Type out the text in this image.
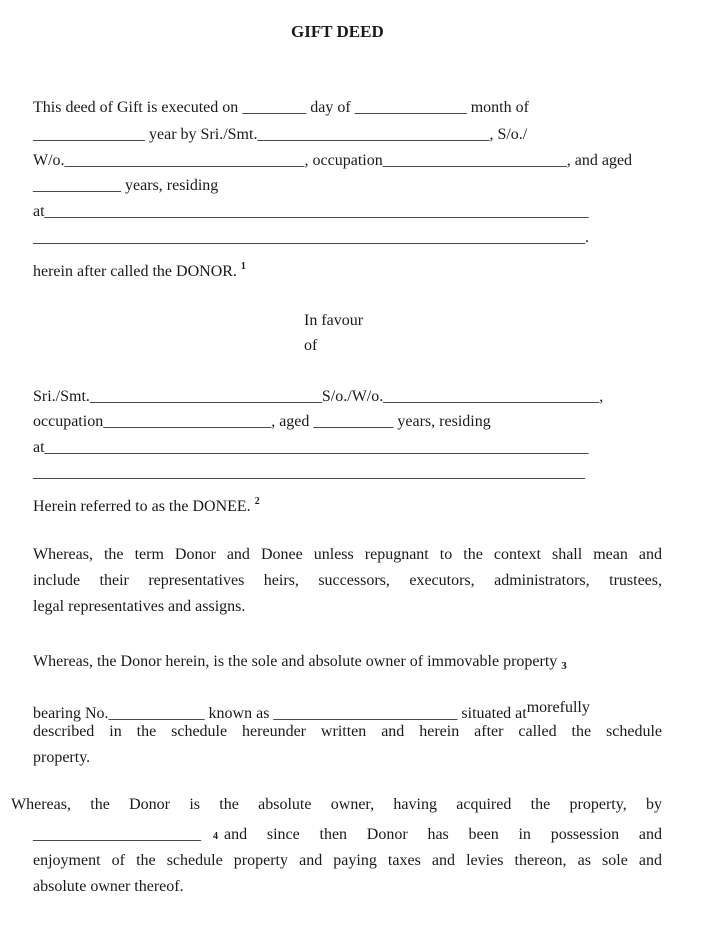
GIFT DEED
This deed of Gift is executed on ________ day of ______________ month of
______________ year by Sri./Smt._____________________________, S/o./
W/o.______________________________, occupation_______________________, and aged
___________ years, residing
at____________________________________________________________________
_____________________________________________________________________.
herein after called the DONOR. $^1$
In favour
of
Sri./Smt._____________________________S/o./W/o.___________________________,
occupation_____________________, aged __________ years, residing
at____________________________________________________________________
_____________________________________________________________________
Herein referred to as the DONEE. $^2$
Whereas, the term Donor and Donee unless repugnant to the context shall mean and
include their representatives heirs, successors, executors, administrators, trustees,
legal representatives and assigns.
Whereas, the Donor herein, is the sole and absolute owner of immovable property 3
bearing No.____________ known as _______________________ situated atmorefully
described in the schedule hereunder written and herein after called the schedule
property.
Whereas, the Donor is the absolute owner, having acquired the property, by
_____________________ 4 and since then Donor has been in possession and
enjoyment of the schedule property and paying taxes and levies thereon, as sole and
absolute owner thereof.
